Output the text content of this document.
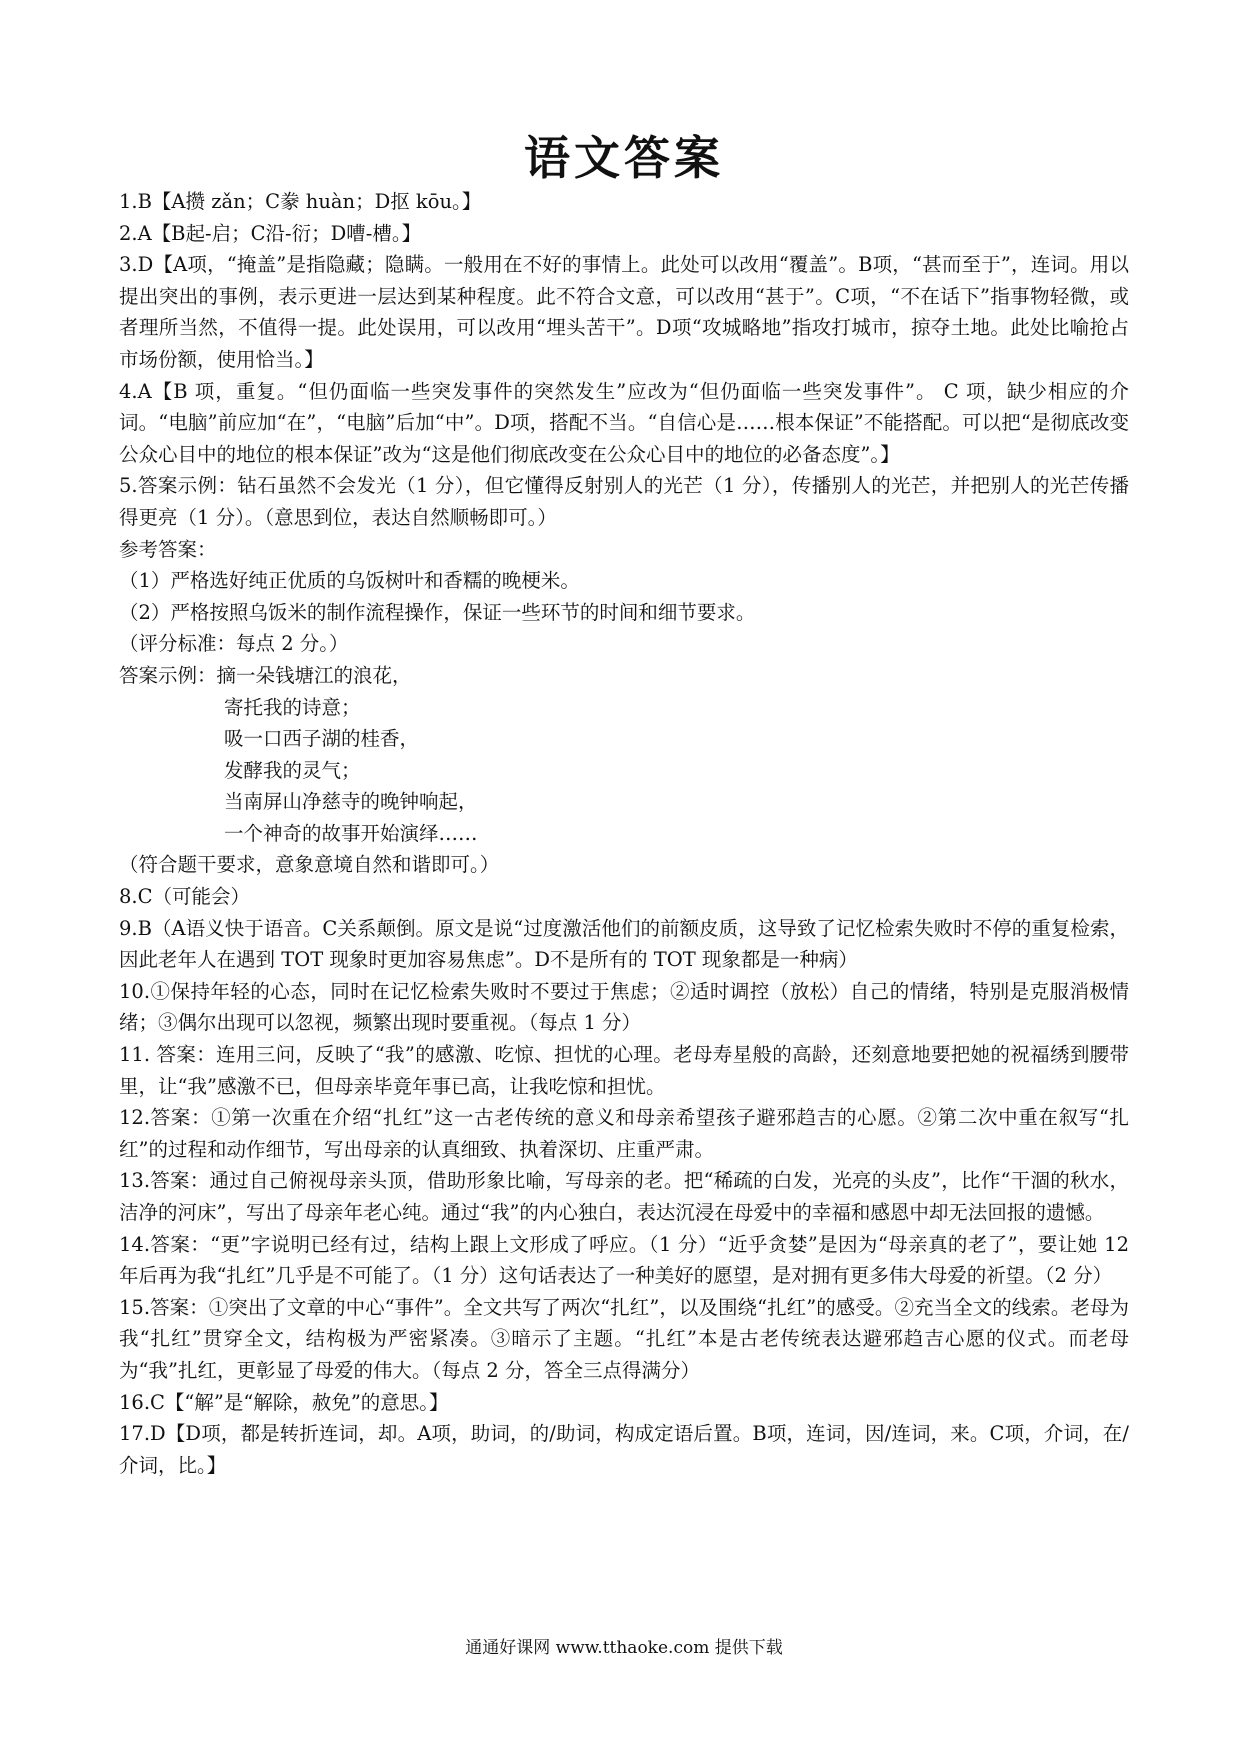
语文答案

1.B【A攒 zǎn；C豢 huàn；D抠 kōu。】

2.A【B起-启；C沿-衍；D嘈-槽。】

3.D【A项，“掩盖”是指隐藏；隐瞒。一般用在不好的事情上。此处可以改用“覆盖”。B项，“甚而至于”，连词。用以提出突出的事例，表示更进一层达到某种程度。此不符合文意，可以改用“甚于”。C项，“不在话下”指事物轻微，或者理所当然，不值得一提。此处误用，可以改用“埋头苦干”。D项“攻城略地”指攻打城市，掠夺土地。此处比喻抢占市场份额，使用恰当。】

4.A【B 项，重复。“但仍面临一些突发事件的突然发生”应改为“但仍面临一些突发事件”。 C 项，缺少相应的介词。“电脑”前应加“在”，“电脑”后加“中”。D项，搭配不当。“自信心是……根本保证”不能搭配。可以把“是彻底改变公众心目中的地位的根本保证”改为“这是他们彻底改变在公众心目中的地位的必备态度”。】

5.答案示例：钻石虽然不会发光（1 分），但它懂得反射别人的光芒（1 分），传播别人的光芒，并把别人的光芒传播得更亮（1 分）。（意思到位，表达自然顺畅即可。）

参考答案：

（1）严格选好纯正优质的乌饭树叶和香糯的晚梗米。

（2）严格按照乌饭米的制作流程操作，保证一些环节的时间和细节要求。

（评分标准：每点 2 分。）

答案示例：摘一朵钱塘江的浪花，

寄托我的诗意；

吸一口西子湖的桂香，

发酵我的灵气；

当南屏山净慈寺的晚钟响起，

一个神奇的故事开始演绎……

（符合题干要求，意象意境自然和谐即可。）

8.C（可能会）

9.B（A语义快于语音。C关系颠倒。原文是说“过度激活他们的前额皮质，这导致了记忆检索失败时不停的重复检索，因此老年人在遇到 TOT 现象时更加容易焦虑”。D不是所有的 TOT 现象都是一种病）

10.①保持年轻的心态，同时在记忆检索失败时不要过于焦虑；②适时调控（放松）自己的情绪，特别是克服消极情绪；③偶尔出现可以忽视，频繁出现时要重视。（每点 1 分）

11. 答案：连用三问，反映了“我”的感激、吃惊、担忧的心理。老母寿星般的高龄，还刻意地要把她的祝福绣到腰带里，让“我”感激不已，但母亲毕竟年事已高，让我吃惊和担忧。

12.答案：①第一次重在介绍“扎红”这一古老传统的意义和母亲希望孩子避邪趋吉的心愿。②第二次中重在叙写“扎红”的过程和动作细节，写出母亲的认真细致、执着深切、庄重严肃。

13.答案：通过自己俯视母亲头顶，借助形象比喻，写母亲的老。把“稀疏的白发，光亮的头皮”，比作“干涸的秋水，洁净的河床”，写出了母亲年老心纯。通过“我”的内心独白，表达沉浸在母爱中的幸福和感恩中却无法回报的遗憾。

14.答案：“更”字说明已经有过，结构上跟上文形成了呼应。（1 分）“近乎贪婪”是因为“母亲真的老了”，要让她 12 年后再为我“扎红”几乎是不可能了。（1 分）这句话表达了一种美好的愿望，是对拥有更多伟大母爱的祈望。（2 分）

15.答案：①突出了文章的中心“事件”。全文共写了两次“扎红”，以及围绕“扎红”的感受。②充当全文的线索。老母为我“扎红”贯穿全文，结构极为严密紧凑。③暗示了主题。“扎红”本是古老传统表达避邪趋吉心愿的仪式。而老母为“我”扎红，更彰显了母爱的伟大。（每点 2 分，答全三点得满分）

16.C【“解”是“解除，赦免”的意思。】

17.D【D项，都是转折连词，却。A项，助词，的/助词，构成定语后置。B项，连词，因/连词，来。C项，介词，在/介词，比。】

通通好课网 www.tthaoke.com 提供下载
